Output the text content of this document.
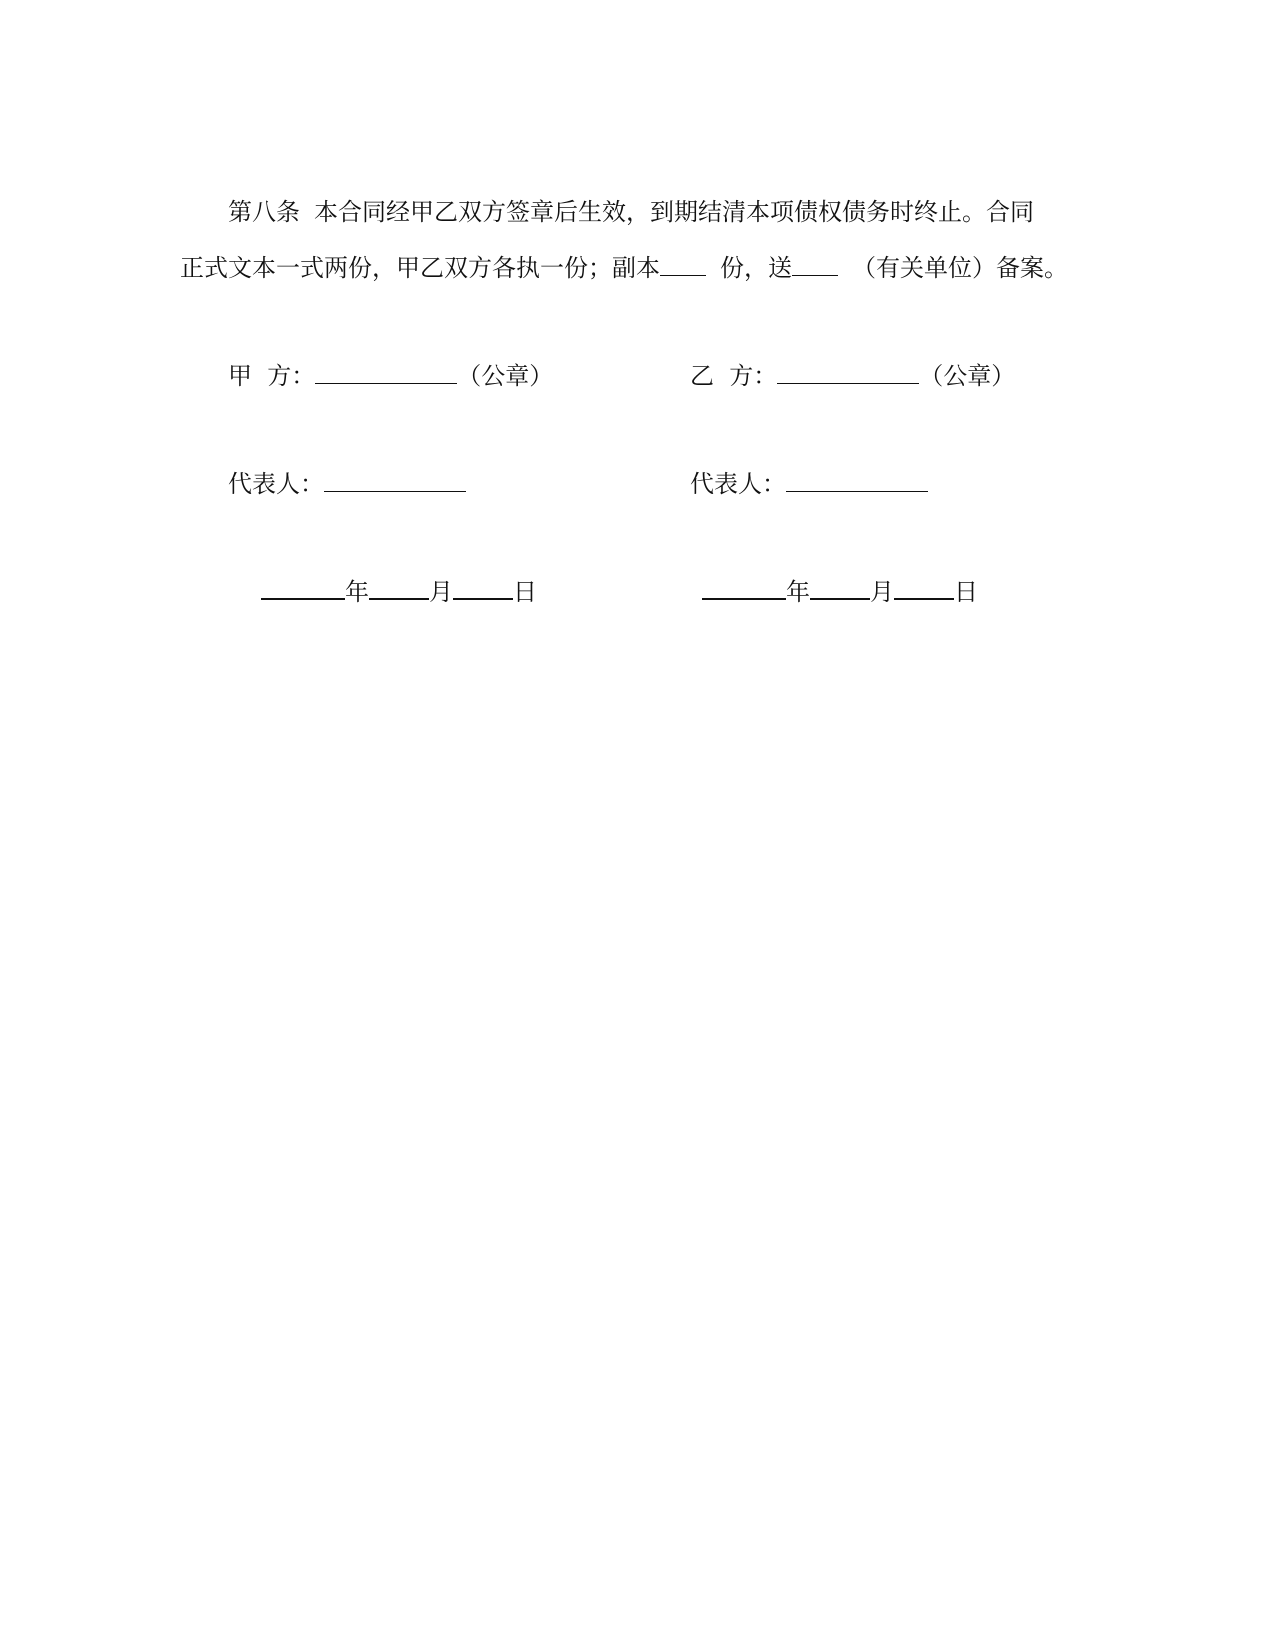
第八条 本合同经甲乙双方签章后生效，到期结清本项债权债务时终止。合同
正式文本一式两份，甲乙双方各执一份；副本	份，送	（有关单位）备案。
甲  方：	（公章）	乙  方：	（公章）
代表人：	代表人：
年	月	日	年	月	日
